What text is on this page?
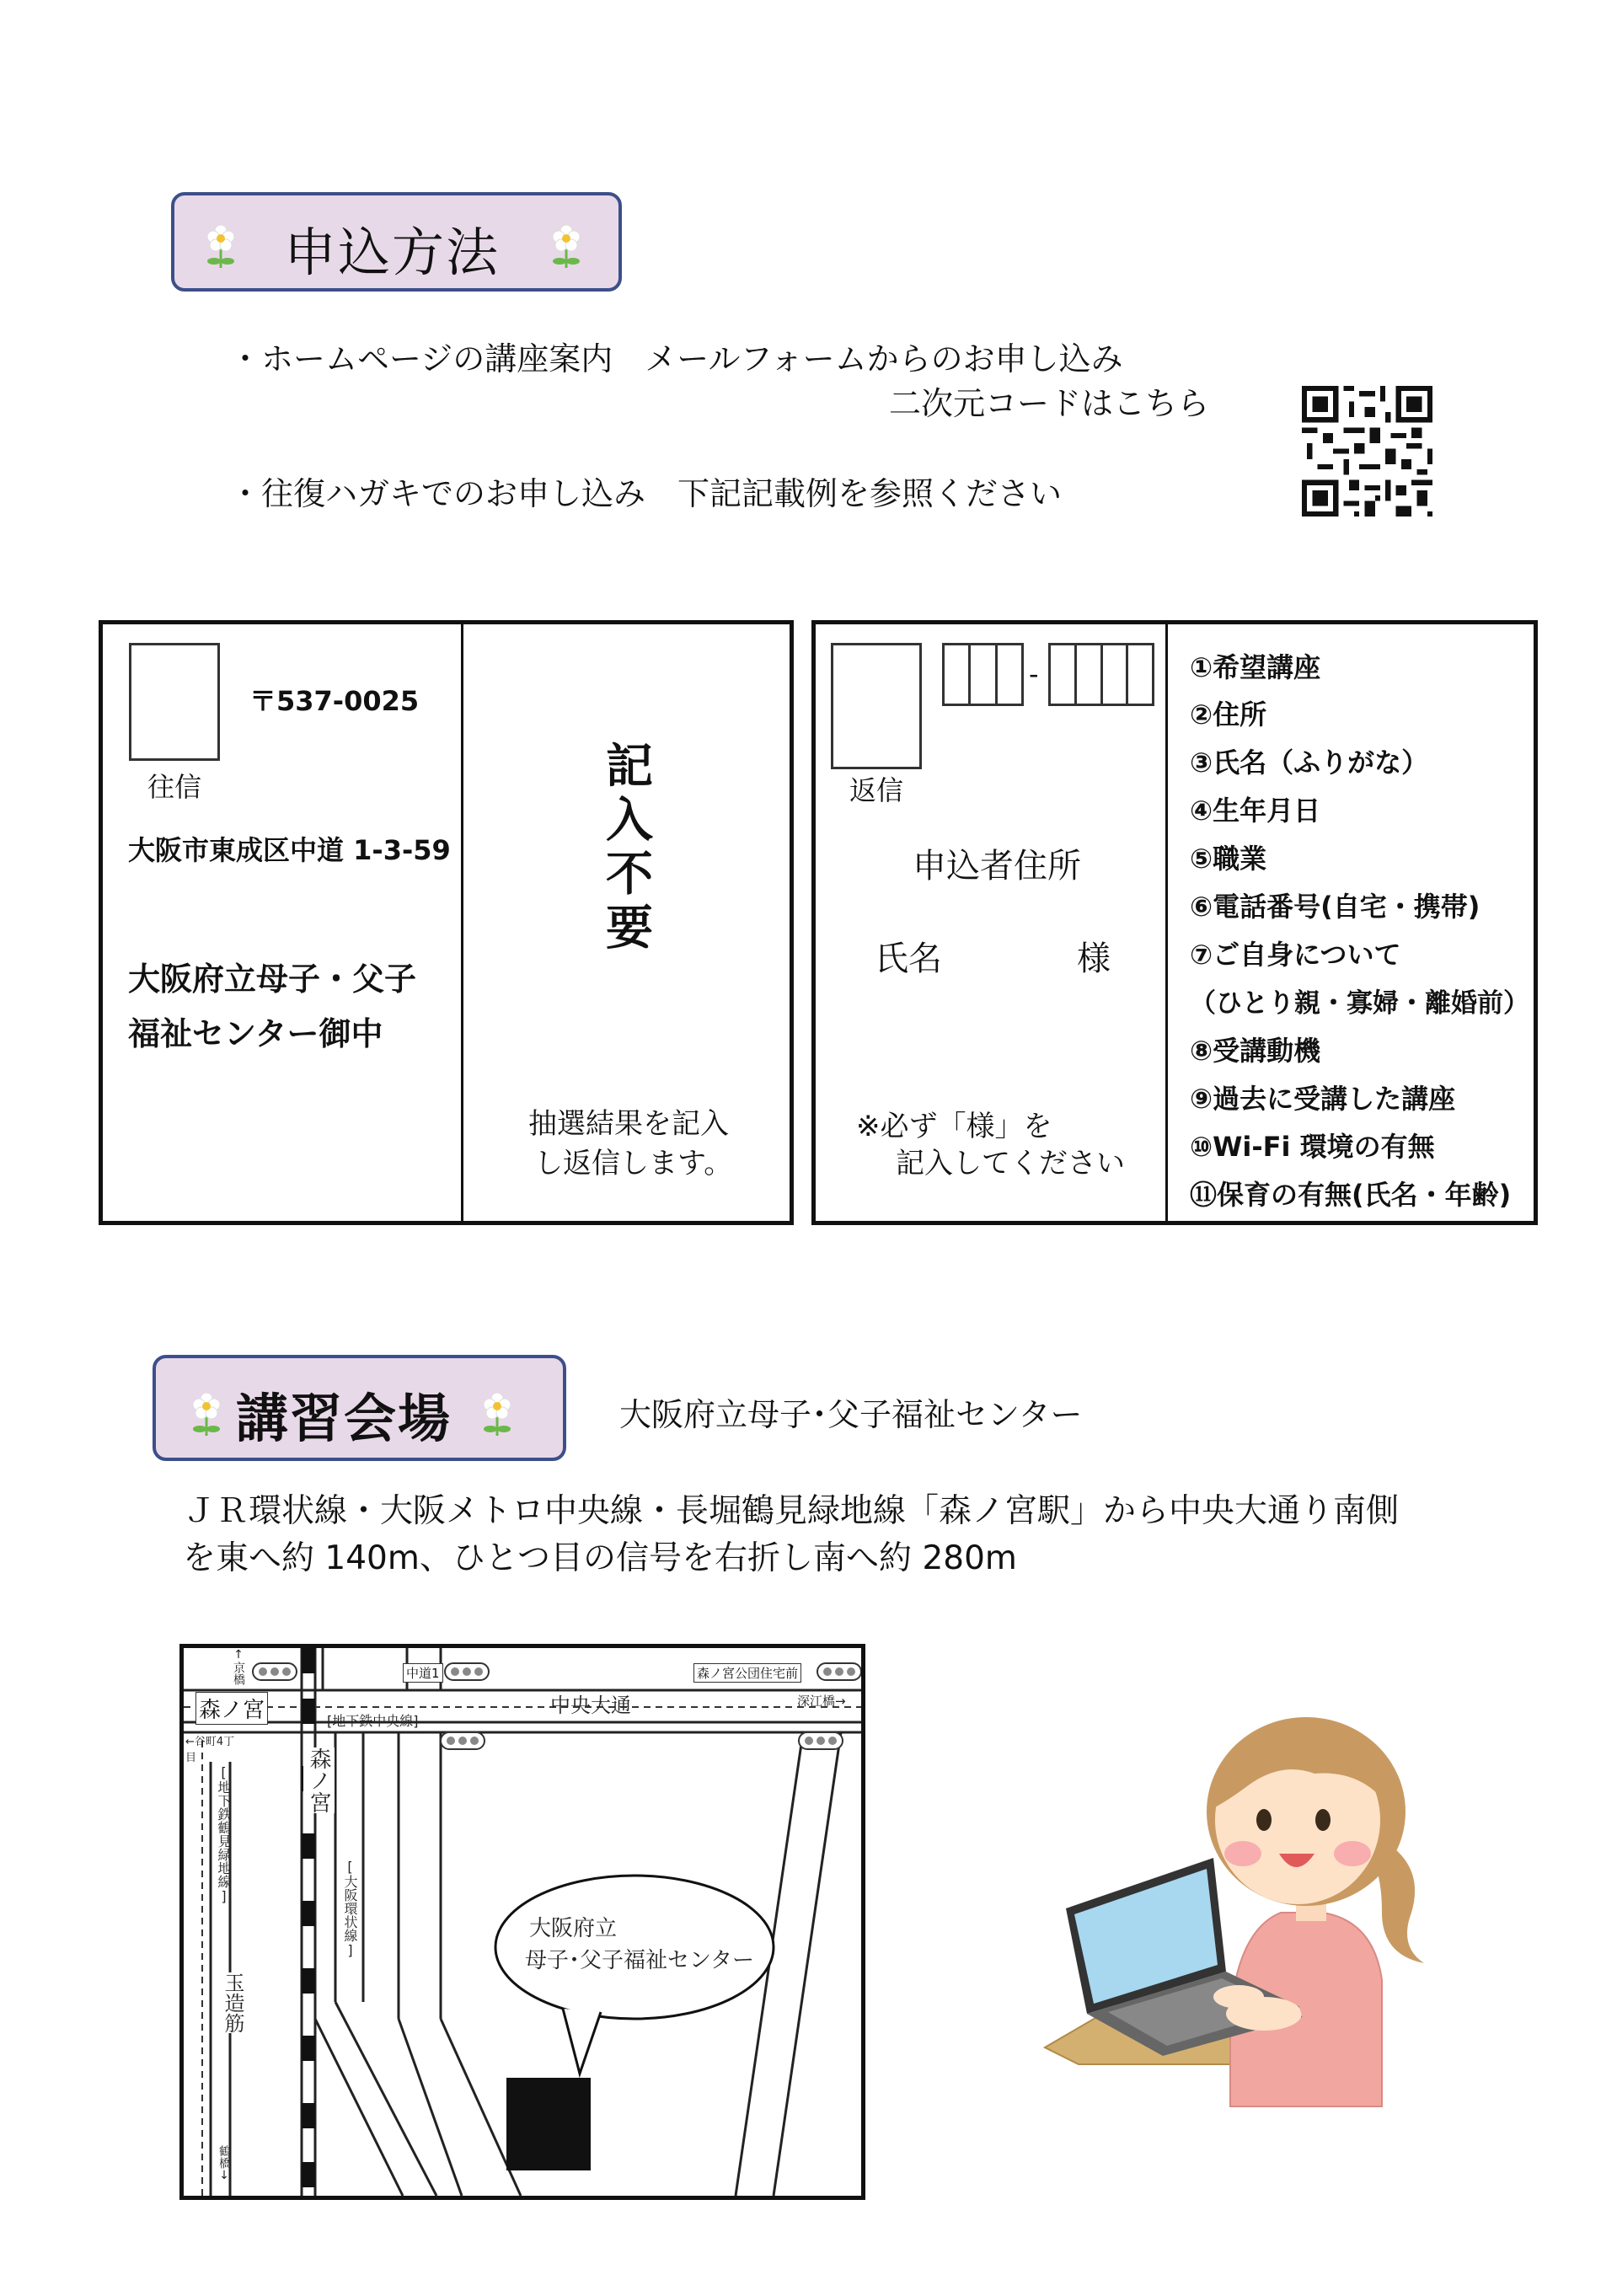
申込方法
・ホームページの講座案内　メールフォームからのお申し込み
二次元コードはこちら
・往復ハガキでのお申し込み　下記記載例を参照ください
往信
〒537-0025
大阪市東成区中道 1-3-59
大阪府立母子・父子
福祉センター御中
記入不要
抽選結果を記入
し返信します。
返信
-
申込者住所
氏名	様
※必ず「様」を
記入してください
①希望講座
②住所
③氏名（ふりがな）
④生年月日
⑤職業
⑥電話番号(自宅・携帯)
⑦ご自身について
（ひとり親・寡婦・離婚前）
⑧受講動機
⑨過去に受講した講座
⑩Wi-Fi 環境の有無
⑪保育の有無(氏名・年齢)
講習会場	大阪府立母子･父子福祉センター
ＪＲ環状線・大阪メトロ中央線・長堀鶴見緑地線「森ノ宮駅」から中央大通り南側
を東へ約 140m、ひとつ目の信号を右折し南へ約 280m
中央大通
森ノ宮
森ノ宮
[地下鉄中央線]
中道1	森ノ宮公団住宅前
深江橋→
↑京橋
←谷町4丁目
[地下鉄鶴見緑地線]
[大阪環状線]
玉造筋
鶴橋↓
大阪府立
母子･父子福祉センター
